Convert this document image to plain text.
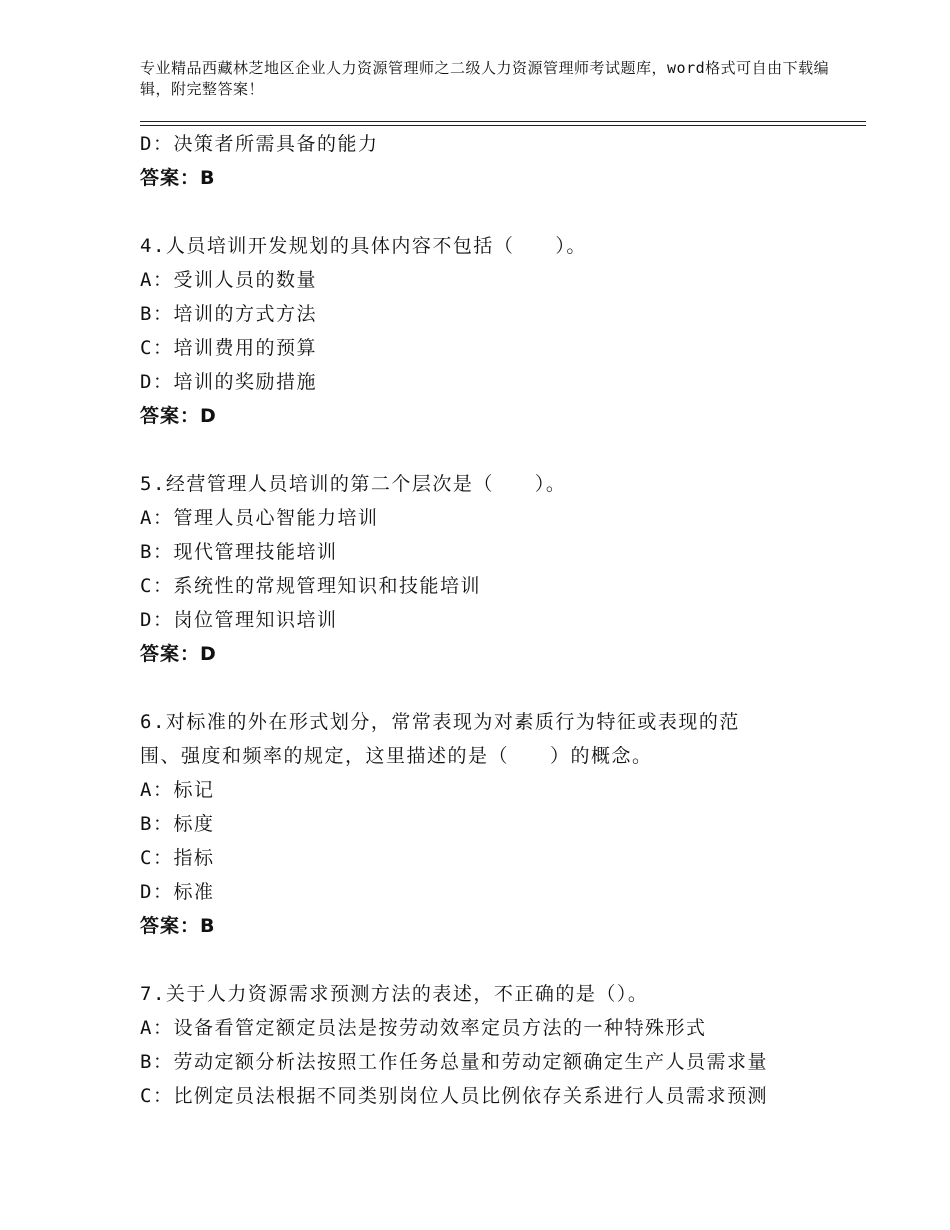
专业精品西藏林芝地区企业人力资源管理师之二级人力资源管理师考试题库，word格式可自由下载编辑，附完整答案！
D：决策者所需具备的能力
答案：B
4.人员培训开发规划的具体内容不包括（　　）。
A：受训人员的数量
B：培训的方式方法
C：培训费用的预算
D：培训的奖励措施
答案：D
5.经营管理人员培训的第二个层次是（　　）。
A：管理人员心智能力培训
B：现代管理技能培训
C：系统性的常规管理知识和技能培训
D：岗位管理知识培训
答案：D
6.对标准的外在形式划分，常常表现为对素质行为特征或表现的范围、强度和频率的规定，这里描述的是（　　）的概念。
A：标记
B：标度
C：指标
D：标准
答案：B
7.关于人力资源需求预测方法的表述，不正确的是（）。
A：设备看管定额定员法是按劳动效率定员方法的一种特殊形式
B：劳动定额分析法按照工作任务总量和劳动定额确定生产人员需求量
C：比例定员法根据不同类别岗位人员比例依存关系进行人员需求预测
